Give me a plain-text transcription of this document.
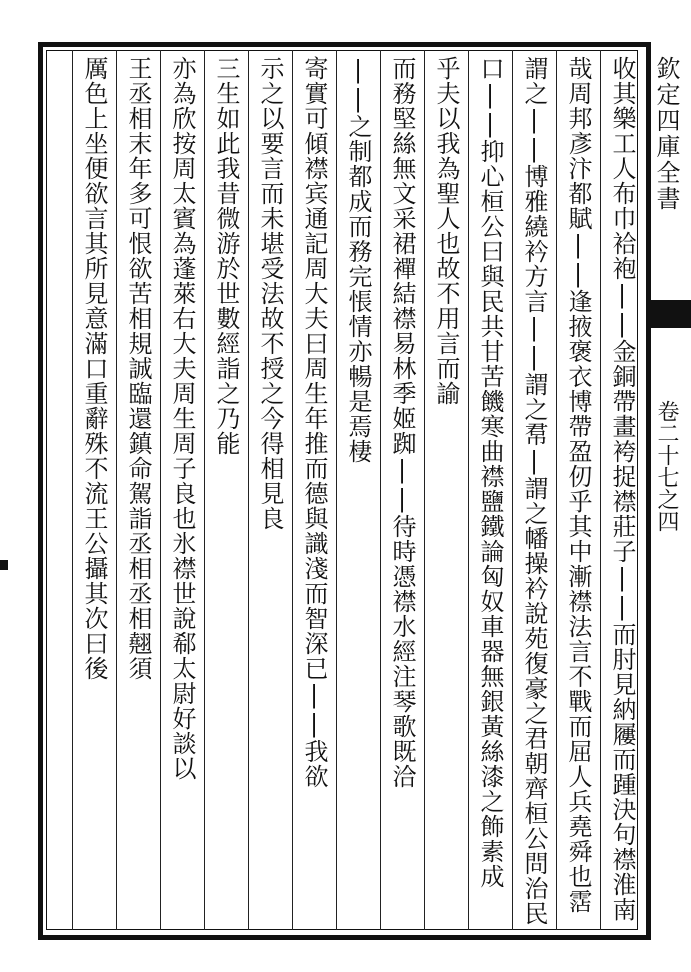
欽定四庫全書
卷二十七之四
收其樂工人布巾袷袍||金銅帶畫袴捉襟莊子||而肘見納屨而踵決句襟淮南
哉周邦彥汴都賦||逢掖褒衣博帶盈仞乎其中漸襟法言不戰而屈人兵堯舜也霑
謂之||博雅繞衿方言||謂之帬|謂之幡操衿說苑復豪之君朝齊桓公問治民
口||抑心桓公曰與民共甘苦饑寒曲襟鹽鐵論匈奴車器無銀黃絲漆之飾素成
乎夫以我為聖人也故不用言而諭
而務堅絲無文采裙襌結襟易林季姬踟||待時憑襟水經注琴歌既洽
||之制都成而務完悵情亦暢是焉棲
寄實可傾襟宾通記周大夫曰周生年推而德與識淺而智深已||我欲
示之以要言而未堪受法故不授之今得相見良
三生如此我昔微游於世數經詣之乃能
亦為欣按周太賓為蓬萊右大夫周生周子良也氷襟世說郗太尉好談以
王丞相末年多可恨欲苦相規誠臨還鎮命駕詣丞相丞相翹須
厲色上坐便欲言其所見意滿口重辭殊不流王公攝其次曰後
